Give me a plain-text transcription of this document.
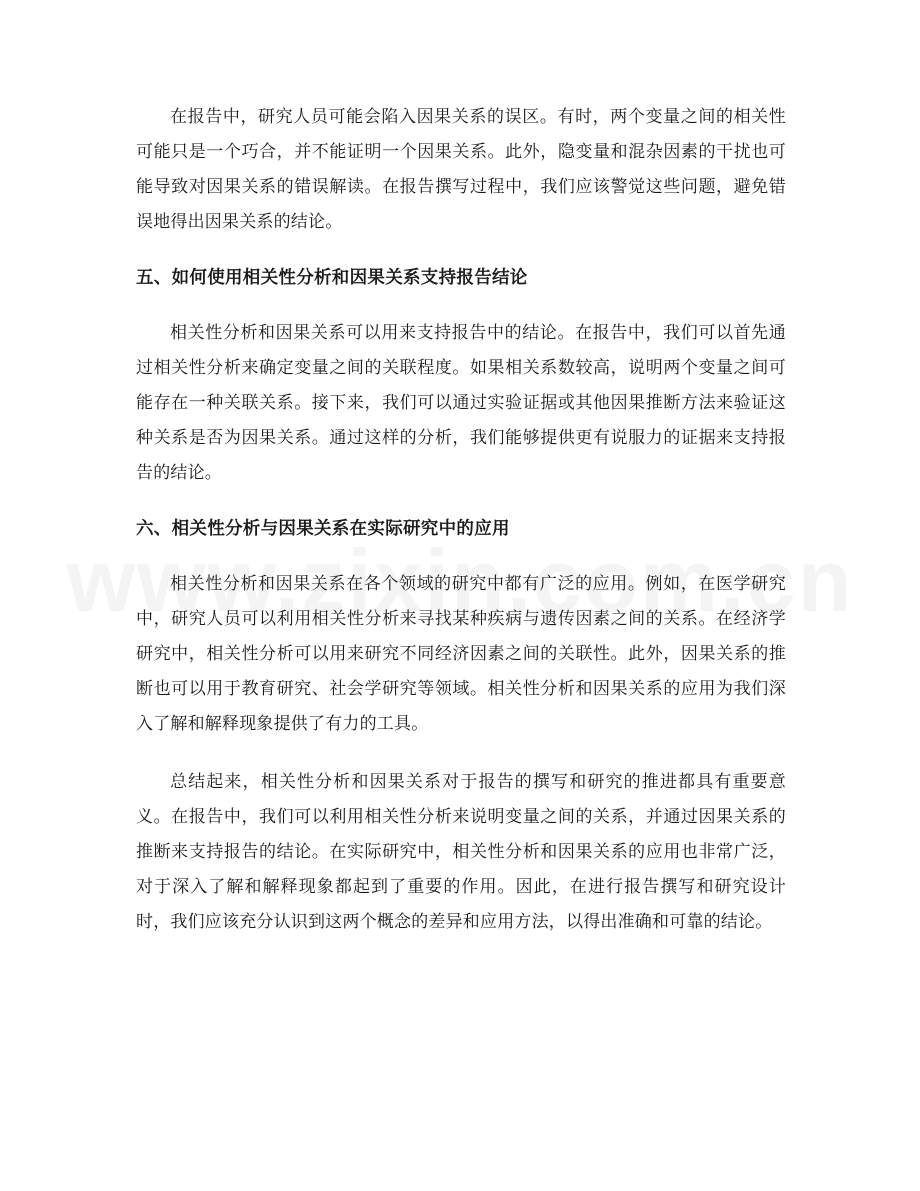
在报告中，研究人员可能会陷入因果关系的误区。有时，两个变量之间的相关性可能只是一个巧合，并不能证明一个因果关系。此外，隐变量和混杂因素的干扰也可能导致对因果关系的错误解读。在报告撰写过程中，我们应该警觉这些问题，避免错误地得出因果关系的结论。

五、如何使用相关性分析和因果关系支持报告结论

相关性分析和因果关系可以用来支持报告中的结论。在报告中，我们可以首先通过相关性分析来确定变量之间的关联程度。如果相关系数较高，说明两个变量之间可能存在一种关联关系。接下来，我们可以通过实验证据或其他因果推断方法来验证这种关系是否为因果关系。通过这样的分析，我们能够提供更有说服力的证据来支持报告的结论。

六、相关性分析与因果关系在实际研究中的应用

相关性分析和因果关系在各个领域的研究中都有广泛的应用。例如，在医学研究中，研究人员可以利用相关性分析来寻找某种疾病与遗传因素之间的关系。在经济学研究中，相关性分析可以用来研究不同经济因素之间的关联性。此外，因果关系的推断也可以用于教育研究、社会学研究等领域。相关性分析和因果关系的应用为我们深入了解和解释现象提供了有力的工具。

总结起来，相关性分析和因果关系对于报告的撰写和研究的推进都具有重要意义。在报告中，我们可以利用相关性分析来说明变量之间的关系，并通过因果关系的推断来支持报告的结论。在实际研究中，相关性分析和因果关系的应用也非常广泛，对于深入了解和解释现象都起到了重要的作用。因此，在进行报告撰写和研究设计时，我们应该充分认识到这两个概念的差异和应用方法，以得出准确和可靠的结论。
